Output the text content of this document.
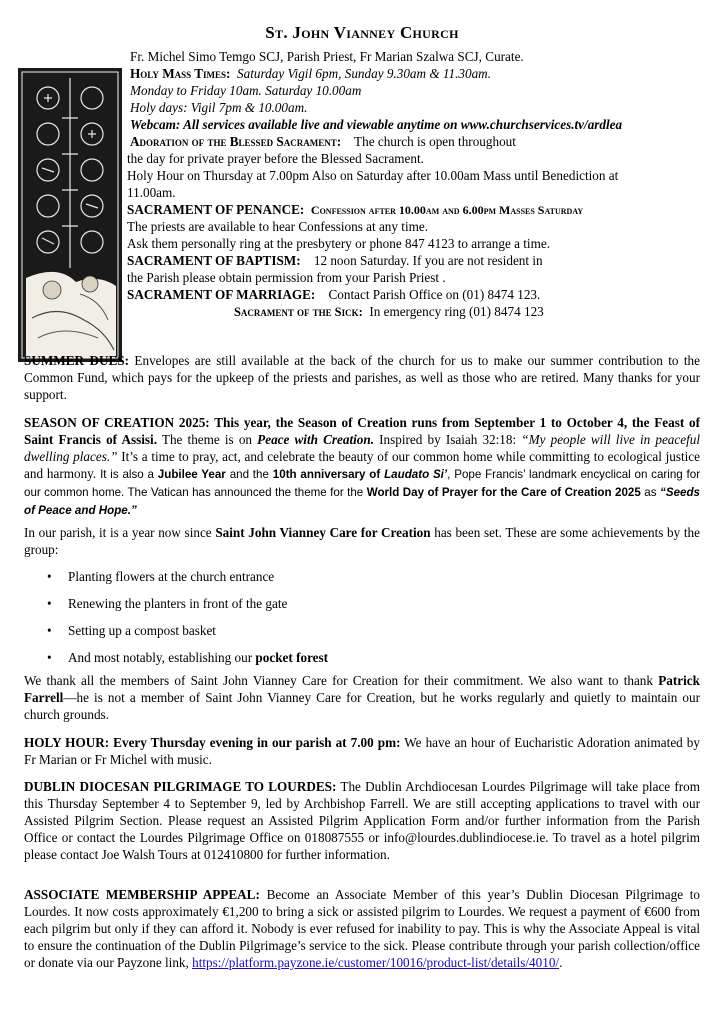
St. John Vianney Church
Fr. Michel Simo Temgo SCJ, Parish Priest, Fr Marian Szalwa SCJ, Curate.
Holy Mass Times: Saturday Vigil 6pm, Sunday 9.30am & 11.30am.
Monday to Friday 10am. Saturday 10.00am
Holy days: Vigil 7pm & 10.00am.
Webcam: All services available live and viewable anytime on www.churchservices.tv/ardlea
Adoration of the Blessed Sacrament: The church is open throughout
the day for private prayer before the Blessed Sacrament.
Holy Hour on Thursday at 7.00pm Also on Saturday after 10.00am Mass until Benediction at
11.00am.
SACRAMENT OF PENANCE: Confession after 10.00am and 6.00pm Masses Saturday
The priests are available to hear Confessions at any time.
Ask them personally ring at the presbytery or phone 847 4123 to arrange a time.
SACRAMENT OF BAPTISM: 12 noon Saturday. If you are not resident in
the Parish please obtain permission from your Parish Priest .
SACRAMENT OF MARRIAGE: Contact Parish Office on (01) 8474 123.
Sacrament of the Sick: In emergency ring (01) 8474 123

SUMMER DUES: Envelopes are still available at the back of the church for us to make our summer contribution to the Common Fund, which pays for the upkeep of the priests and parishes, as well as those who are retired. Many thanks for your support.

SEASON OF CREATION 2025: This year, the Season of Creation runs from September 1 to October 4, the Feast of Saint Francis of Assisi. The theme is on Peace with Creation. Inspired by Isaiah 32:18: “My people will live in peaceful dwelling places.” It’s a time to pray, act, and celebrate the beauty of our common home while committing to ecological justice and harmony. It is also a Jubilee Year and the 10th anniversary of Laudato Si’, Pope Francis’ landmark encyclical on caring for our common home. The Vatican has announced the theme for the World Day of Prayer for the Care of Creation 2025 as “Seeds of Peace and Hope.”

In our parish, it is a year now since Saint John Vianney Care for Creation has been set. These are some achievements by the group:

• Planting flowers at the church entrance
• Renewing the planters in front of the gate
• Setting up a compost basket
• And most notably, establishing our pocket forest

We thank all the members of Saint John Vianney Care for Creation for their commitment. We also want to thank Patrick Farrell—he is not a member of Saint John Vianney Care for Creation, but he works regularly and quietly to maintain our church grounds.

HOLY HOUR: Every Thursday evening in our parish at 7.00 pm: We have an hour of Eucharistic Adoration animated by Fr Marian or Fr Michel with music.

DUBLIN DIOCESAN PILGRIMAGE TO LOURDES: The Dublin Archdiocesan Lourdes Pilgrimage will take place from this Thursday September 4 to September 9, led by Archbishop Farrell. We are still accepting applications to travel with our Assisted Pilgrim Section. Please request an Assisted Pilgrim Application Form and/or further information from the Parish Office or contact the Lourdes Pilgrimage Office on 018087555 or info@lourdes.dublindiocese.ie. To travel as a hotel pilgrim please contact Joe Walsh Tours at 012410800 for further information.

ASSOCIATE MEMBERSHIP APPEAL: Become an Associate Member of this year’s Dublin Diocesan Pilgrimage to Lourdes. It now costs approximately €1,200 to bring a sick or assisted pilgrim to Lourdes. We request a payment of €600 from each pilgrim but only if they can afford it. Nobody is ever refused for inability to pay. This is why the Associate Appeal is vital to ensure the continuation of the Dublin Pilgrimage’s service to the sick. Please contribute through your parish collection/office or donate via our Payzone link, https://platform.payzone.ie/customer/10016/product-list/details/4010/.
